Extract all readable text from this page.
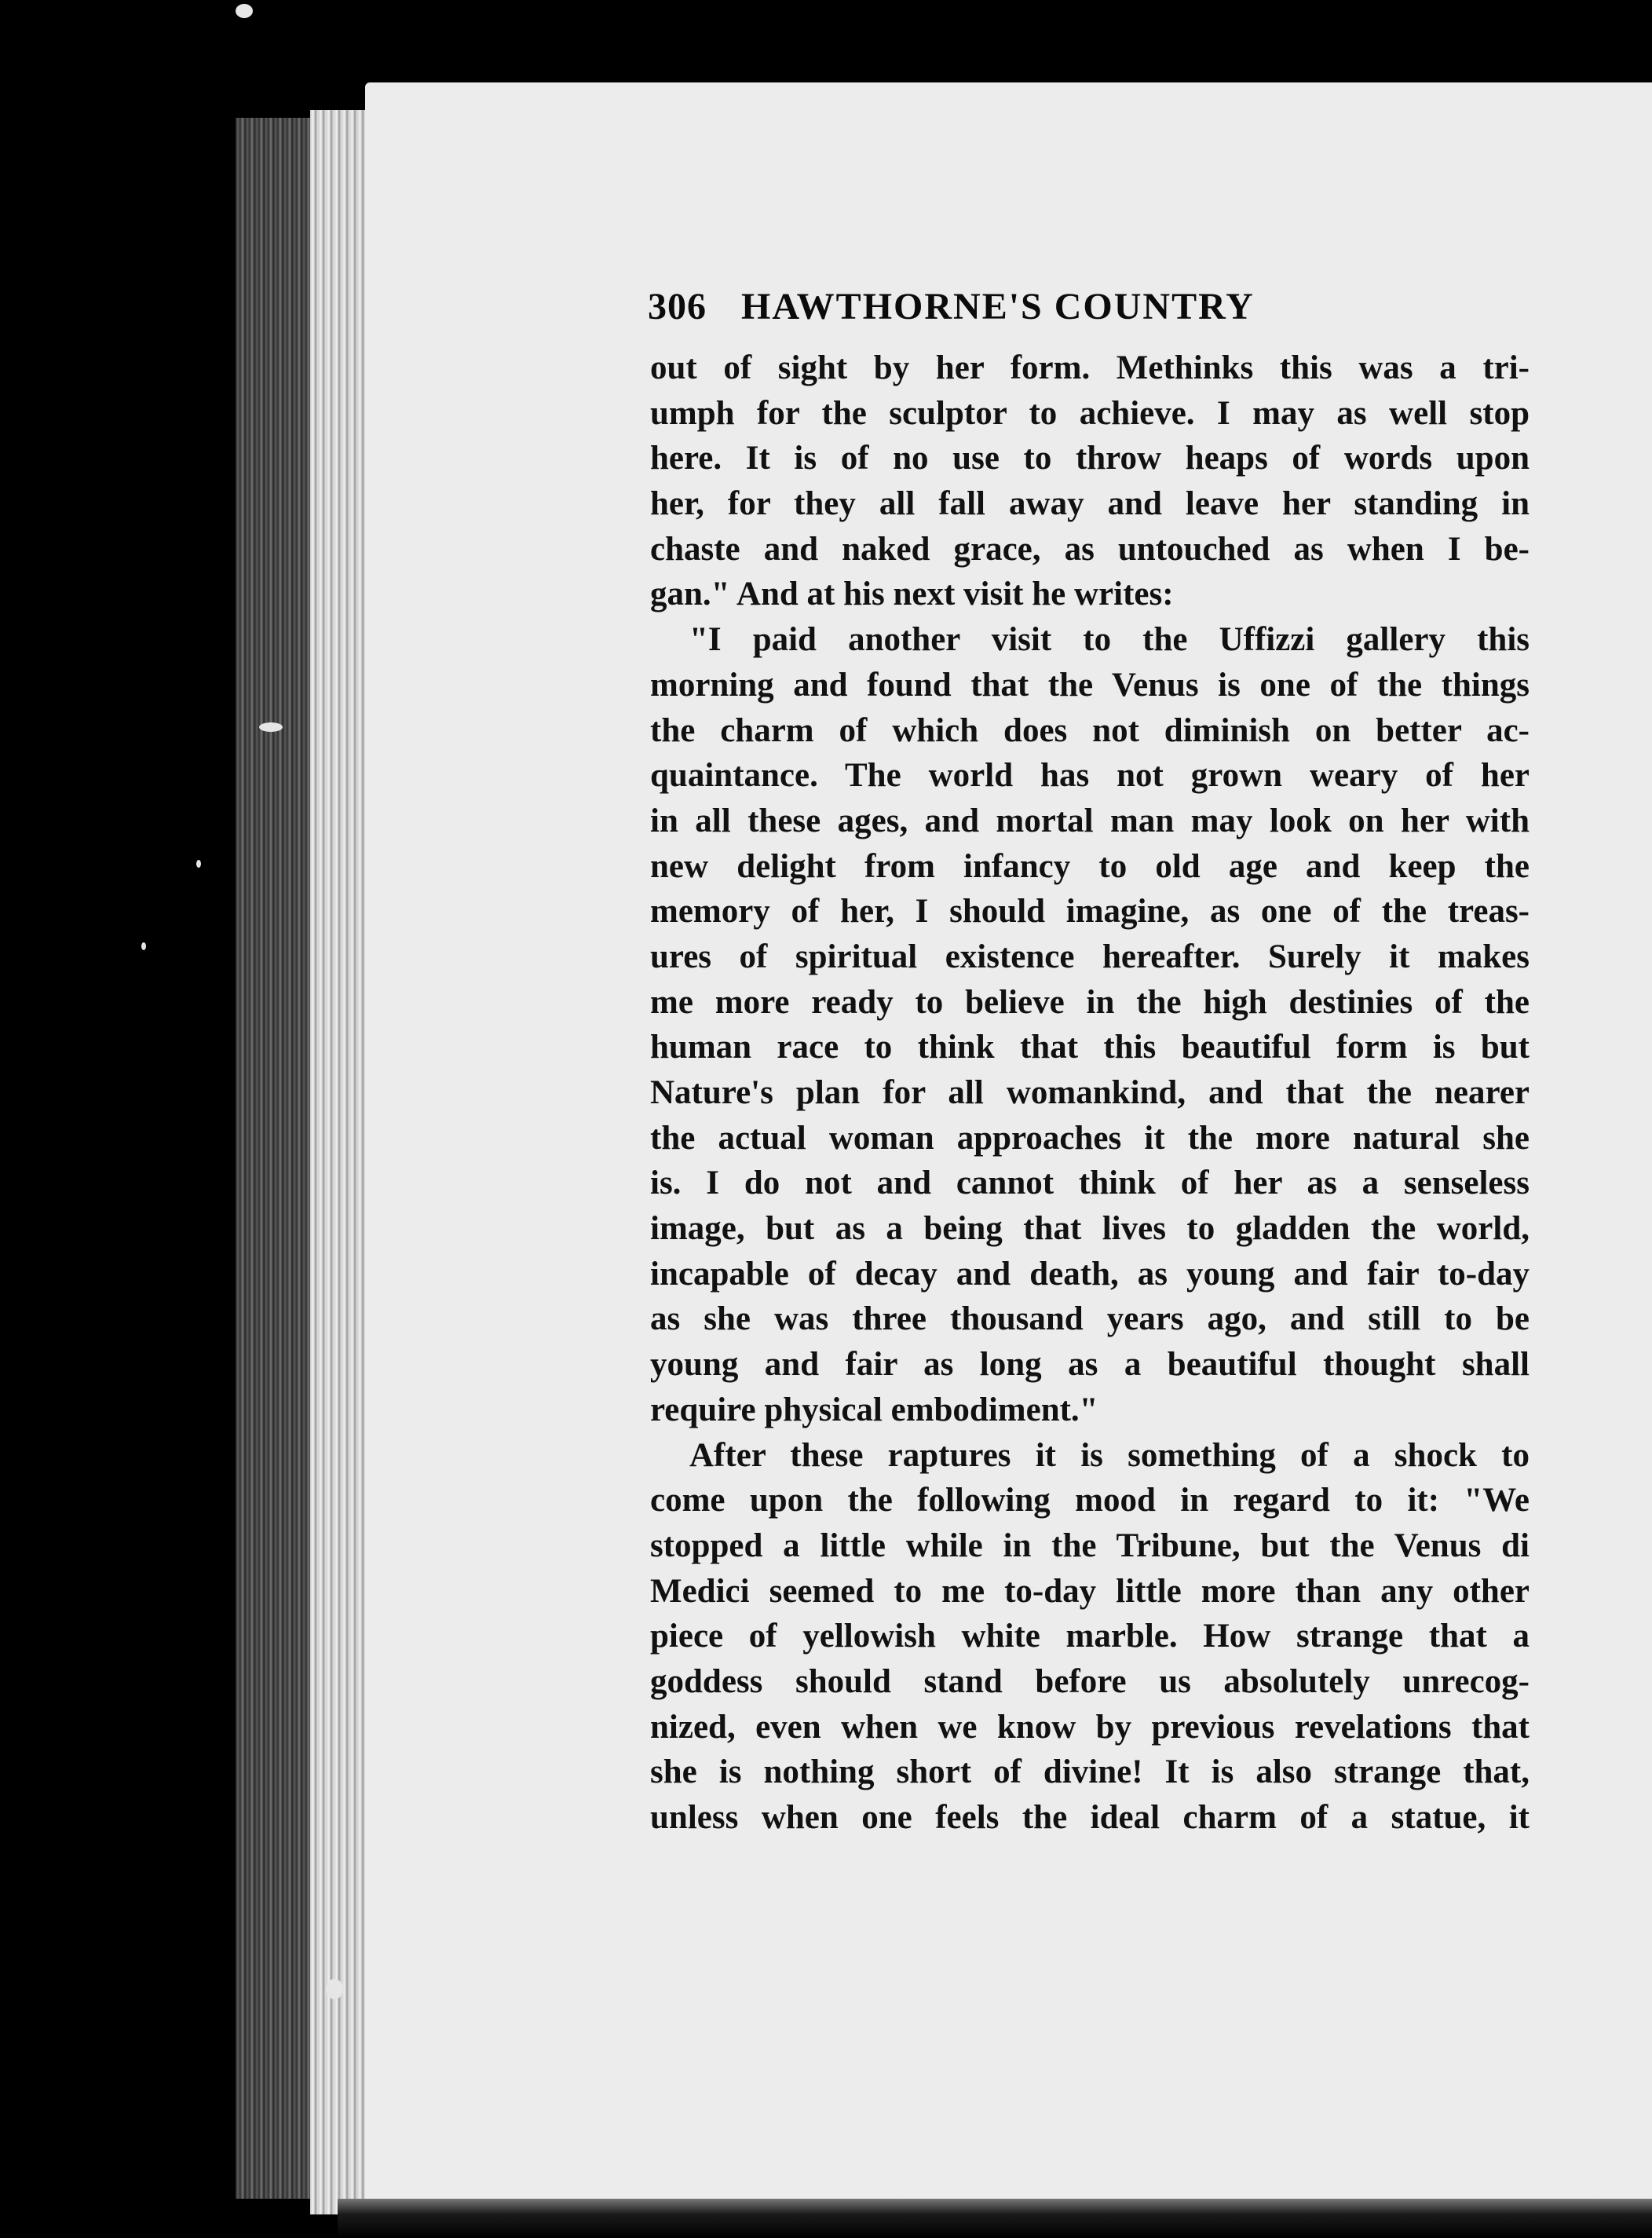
306 HAWTHORNE'S COUNTRY
out of sight by her form. Methinks this was a tri-
umph for the sculptor to achieve. I may as well stop
here. It is of no use to throw heaps of words upon
her, for they all fall away and leave her standing in
chaste and naked grace, as untouched as when I be-
gan." And at his next visit he writes:
"I paid another visit to the Uffizzi gallery this
morning and found that the Venus is one of the things
the charm of which does not diminish on better ac-
quaintance. The world has not grown weary of her
in all these ages, and mortal man may look on her with
new delight from infancy to old age and keep the
memory of her, I should imagine, as one of the treas-
ures of spiritual existence hereafter. Surely it makes
me more ready to believe in the high destinies of the
human race to think that this beautiful form is but
Nature's plan for all womankind, and that the nearer
the actual woman approaches it the more natural she
is. I do not and cannot think of her as a senseless
image, but as a being that lives to gladden the world,
incapable of decay and death, as young and fair to-day
as she was three thousand years ago, and still to be
young and fair as long as a beautiful thought shall
require physical embodiment."
After these raptures it is something of a shock to
come upon the following mood in regard to it: "We
stopped a little while in the Tribune, but the Venus di
Medici seemed to me to-day little more than any other
piece of yellowish white marble. How strange that a
goddess should stand before us absolutely unrecog-
nized, even when we know by previous revelations that
she is nothing short of divine! It is also strange that,
unless when one feels the ideal charm of a statue, it
